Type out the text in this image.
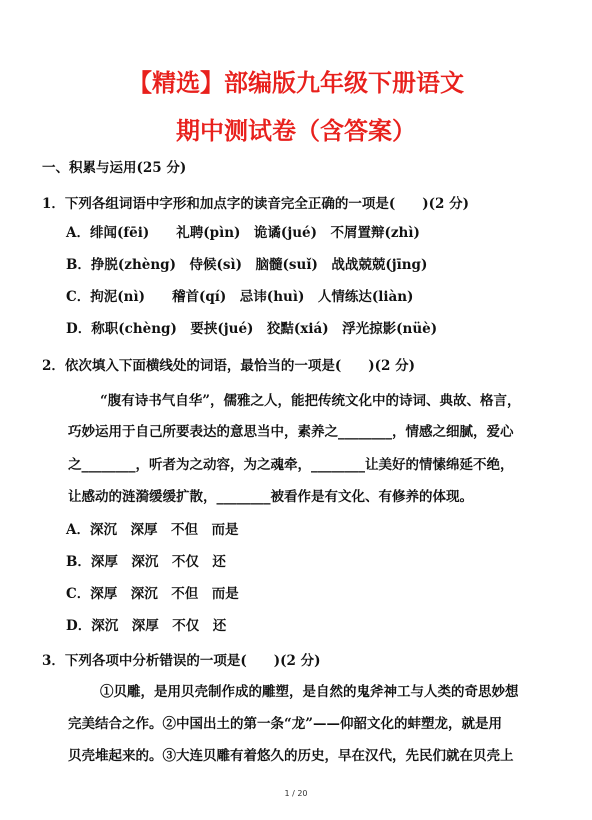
【精选】部编版九年级下册语文
期中测试卷（含答案）
一、积累与运用(25 分)
1．下列各组词语中字形和加点字的读音完全正确的一项是(　　)(2 分)
A．绯闻(fēi)　　礼聘(pìn)　诡谲(jué)　不屑置辩(zhì)
B．挣脱(zhèng)　侍候(sì)　脑髓(suǐ)　战战兢兢(jīng)
C．拘泥(nì)　　稽首(qí)　忌讳(huì)　人情练达(liàn)
D．称职(chèng)　要挟(jué)　狡黠(xiá)　浮光掠影(nüè)
2．依次填入下面横线处的词语，最恰当的一项是(　　)(2 分)
“腹有诗书气自华”，儒雅之人，能把传统文化中的诗词、典故、格言，
巧妙运用于自己所要表达的意思当中，素养之________，情感之细腻，爱心
之________，听者为之动容，为之魂牵，________让美好的情愫绵延不绝，
让感动的涟漪缓缓扩散，________被看作是有文化、有修养的体现。
A．深沉　深厚　不但　而是
B．深厚　深沉　不仅　还
C．深厚　深沉　不但　而是
D．深沉　深厚　不仅　还
3．下列各项中分析错误的一项是(　　)(2 分)
①贝雕，是用贝壳制作成的雕塑，是自然的鬼斧神工与人类的奇思妙想
完美结合之作。②中国出土的第一条“龙”——仰韶文化的蚌塑龙，就是用
贝壳堆起来的。③大连贝雕有着悠久的历史，早在汉代，先民们就在贝壳上
1 / 20
